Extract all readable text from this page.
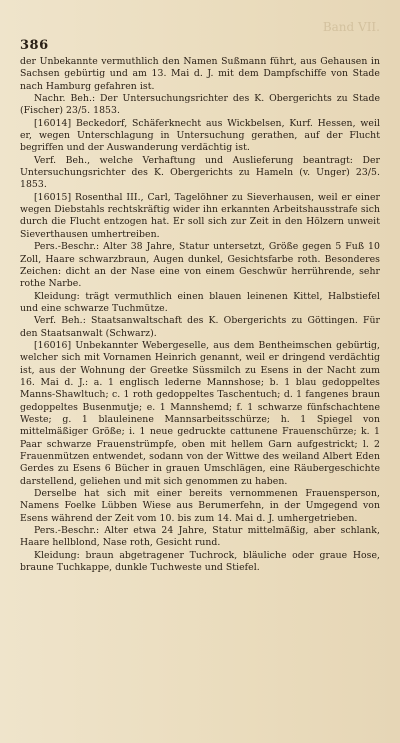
386
Band VII.

der Unbekannte vermuthlich den Namen Sußmann führt, aus Gehausen in Sachsen gebürtig und am 13. Mai d. J. mit dem Dampfschiffe von Stade nach Hamburg gefahren ist.

Nachr. Beh.: Der Untersuchungsrichter des K. Obergerichts zu Stade (Fischer) 23/5. 1853.

[16014] Beckedorf, Schäferknecht aus Wickbelsen, Kurf. Hessen, weil er, wegen Unterschlagung in Untersuchung gerathen, auf der Flucht begriffen und der Auswanderung verdächtig ist.

Verf. Beh., welche Verhaftung und Auslieferung beantragt: Der Untersuchungsrichter des K. Obergerichts zu Hameln (v. Unger) 23/5. 1853.

[16015] Rosenthal III., Carl, Tagelöhner zu Sieverhausen, weil er einer wegen Diebstahls rechtskräftig wider ihn erkannten Arbeitshausstrafe sich durch die Flucht entzogen hat. Er soll sich zur Zeit in den Hölzern unweit Sieverthausen umhertreiben.

Pers.-Beschr.: Alter 38 Jahre, Statur untersetzt, Größe gegen 5 Fuß 10 Zoll, Haare schwarzbraun, Augen dunkel, Gesichtsfarbe roth. Besonderes Zeichen: dicht an der Nase eine von einem Geschwür herrührende, sehr rothe Narbe.

Kleidung: trägt vermuthlich einen blauen leinenen Kittel, Halbstiefel und eine schwarze Tuchmütze.

Verf. Beh.: Staatsanwaltschaft des K. Obergerichts zu Göttingen. Für den Staatsanwalt (Schwarz).

[16016] Unbekannter Webergeselle, aus dem Bentheimschen gebürtig, welcher sich mit Vornamen Heinrich genannt, weil er dringend verdächtig ist, aus der Wohnung der Greetke Süssmilch zu Esens in der Nacht zum 16. Mai d. J.: a. 1 englisch lederne Mannshose; b. 1 blau gedoppeltes Manns-Shawltuch; c. 1 roth gedoppeltes Taschentuch; d. 1 fangenes braun gedoppeltes Busenmutje; e. 1 Mannshemd; f. 1 schwarze fünfschachtene Weste; g. 1 blauleinene Mannsarbeitsschürze; h. 1 Spiegel von mittelmäßiger Größe; i. 1 neue gedruckte cattunene Frauenschürze; k. 1 Paar schwarze Frauenstrümpfe, oben mit hellem Garn aufgestrickt; l. 2 Frauenmützen entwendet, sodann von der Wittwe des weiland Albert Eden Gerdes zu Esens 6 Bücher in grauen Umschlägen, eine Räubergeschichte darstellend, geliehen und mit sich genommen zu haben.

Derselbe hat sich mit einer bereits vernommenen Frauensperson, Namens Foelke Lübben Wiese aus Berumerfehn, in der Umgegend von Esens während der Zeit vom 10. bis zum 14. Mai d. J. umhergetrieben.

Pers.-Beschr.: Alter etwa 24 Jahre, Statur mittelmäßig, aber schlank, Haare hellblond, Nase roth, Gesicht rund.

Kleidung: braun abgetragener Tuchrock, bläuliche oder graue Hose, braune Tuchkappe, dunkle Tuchweste und Stiefel.
